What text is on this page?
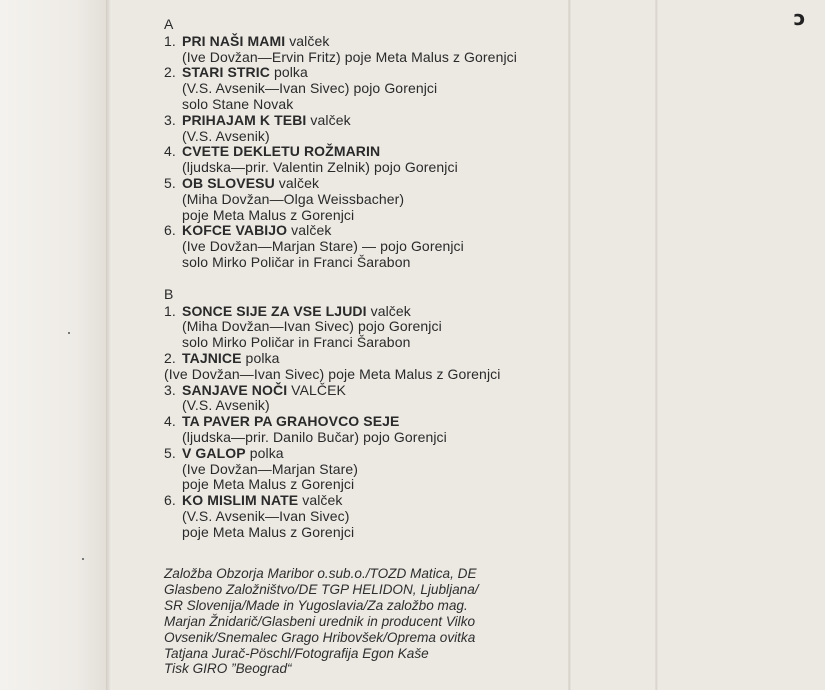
c
A
1. PRI NAŠI MAMI valček
(Ive Dovžan—Ervin Fritz) poje Meta Malus z Gorenjci
2. STARI STRIC polka
(V.S. Avsenik—Ivan Sivec) pojo Gorenjci
solo Stane Novak
3. PRIHAJAM K TEBI valček
(V.S. Avsenik)
4. CVETE DEKLETU ROŽMARIN
(ljudska—prir. Valentin Zelnik) pojo Gorenjci
5. OB SLOVESU valček
(Miha Dovžan—Olga Weissbacher)
poje Meta Malus z Gorenjci
6. KOFCE VABIJO valček
(Ive Dovžan—Marjan Stare) — pojo Gorenjci
solo Mirko Poličar in Franci Šarabon
B
1. SONCE SIJE ZA VSE LJUDI valček
(Miha Dovžan—Ivan Sivec) pojo Gorenjci
solo Mirko Poličar in Franci Šarabon
2. TAJNICE polka
(Ive Dovžan—Ivan Sivec) poje Meta Malus z Gorenjci
3. SANJAVE NOČI VALČEK
(V.S. Avsenik)
4. TA PAVER PA GRAHOVCO SEJE
(ljudska—prir. Danilo Bučar) pojo Gorenjci
5. V GALOP polka
(Ive Dovžan—Marjan Stare)
poje Meta Malus z Gorenjci
6. KO MISLIM NATE valček
(V.S. Avsenik—Ivan Sivec)
poje Meta Malus z Gorenjci
Založba Obzorja Maribor o.sub.o./TOZD Matica, DE
Glasbeno Založništvo/DE TGP HELIDON, Ljubljana/
SR Slovenija/Made in Yugoslavia/Za založbo mag.
Marjan Žnidarič/Glasbeni urednik in producent Vilko
Ovsenik/Snemalec Grago Hribovšek/Oprema ovitka
Tatjana Jurač-Pöschl/Fotografija Egon Kaše
Tisk GIRO ”Beograd“
